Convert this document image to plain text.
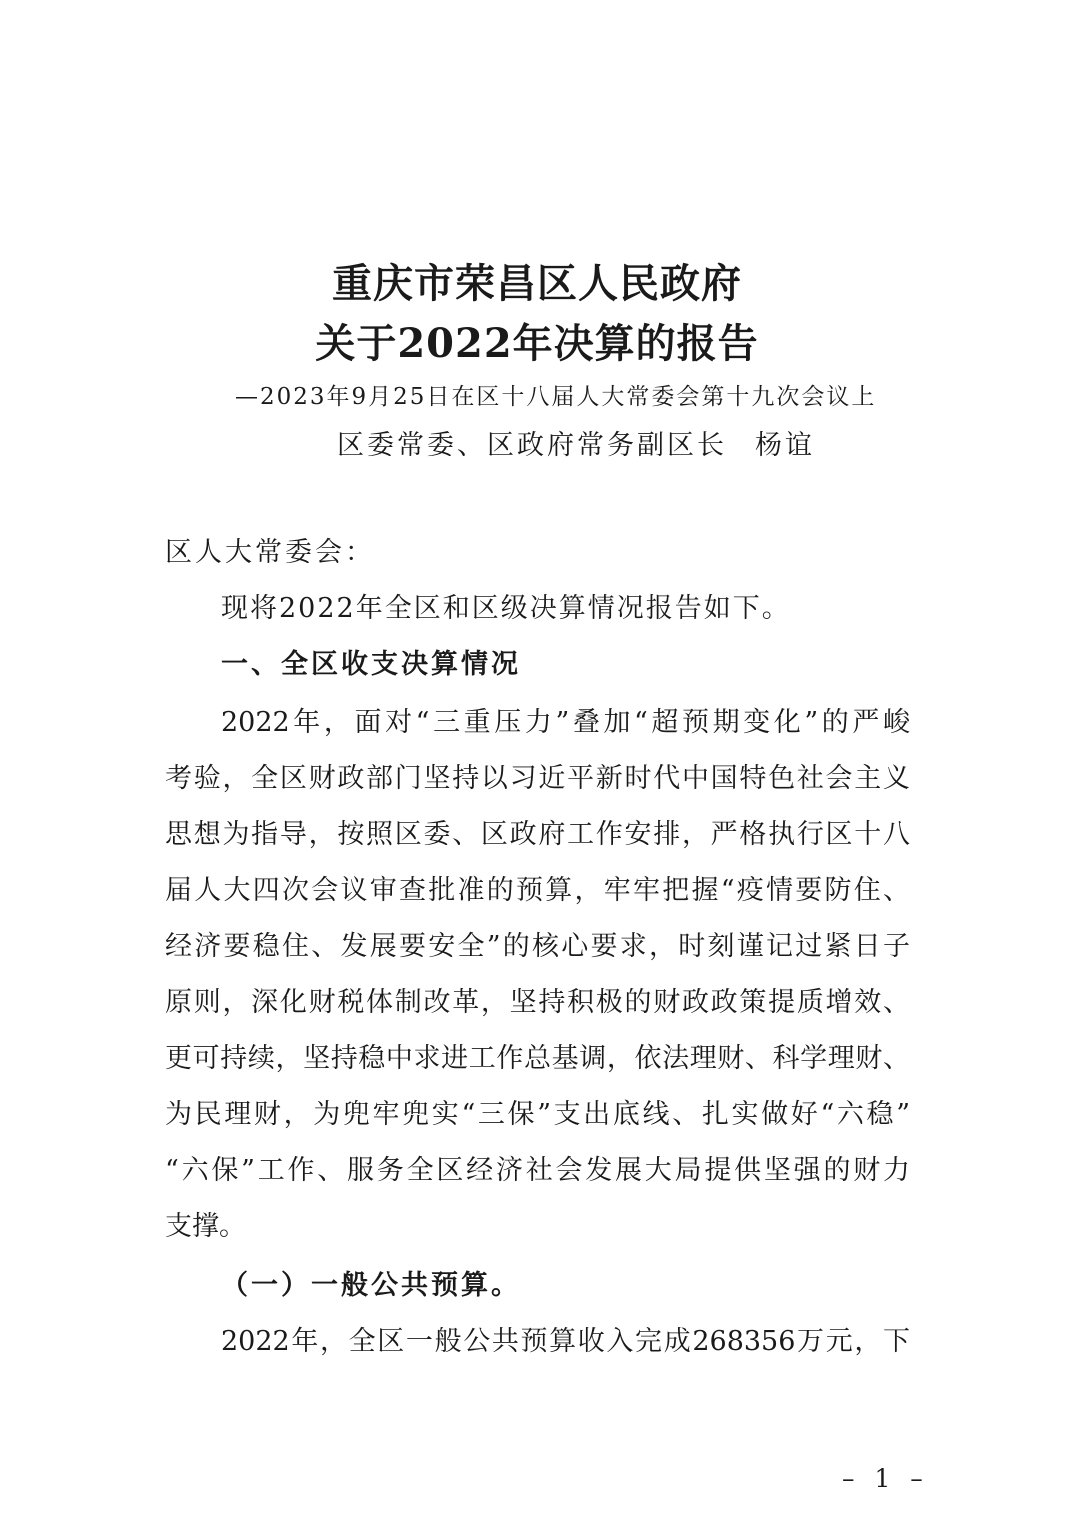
重庆市荣昌区人民政府
关于2022年决算的报告
—2023年9月25日在区十八届人大常委会第十九次会议上
区委常委、区政府常务副区长 杨谊
区人大常委会：
现将2022年全区和区级决算情况报告如下。
一、全区收支决算情况
2022年，面对“三重压力”叠加“超预期变化”的严峻
考验，全区财政部门坚持以习近平新时代中国特色社会主义
思想为指导，按照区委、区政府工作安排，严格执行区十八
届人大四次会议审查批准的预算，牢牢把握“疫情要防住、
经济要稳住、发展要安全”的核心要求，时刻谨记过紧日子
原则，深化财税体制改革，坚持积极的财政政策提质增效、
更可持续，坚持稳中求进工作总基调，依法理财、科学理财、
为民理财，为兜牢兜实“三保”支出底线、扎实做好“六稳”
“六保”工作、服务全区经济社会发展大局提供坚强的财力
支撑。
（一）一般公共预算。
2022年，全区一般公共预算收入完成268356万元，下
– 1 –
